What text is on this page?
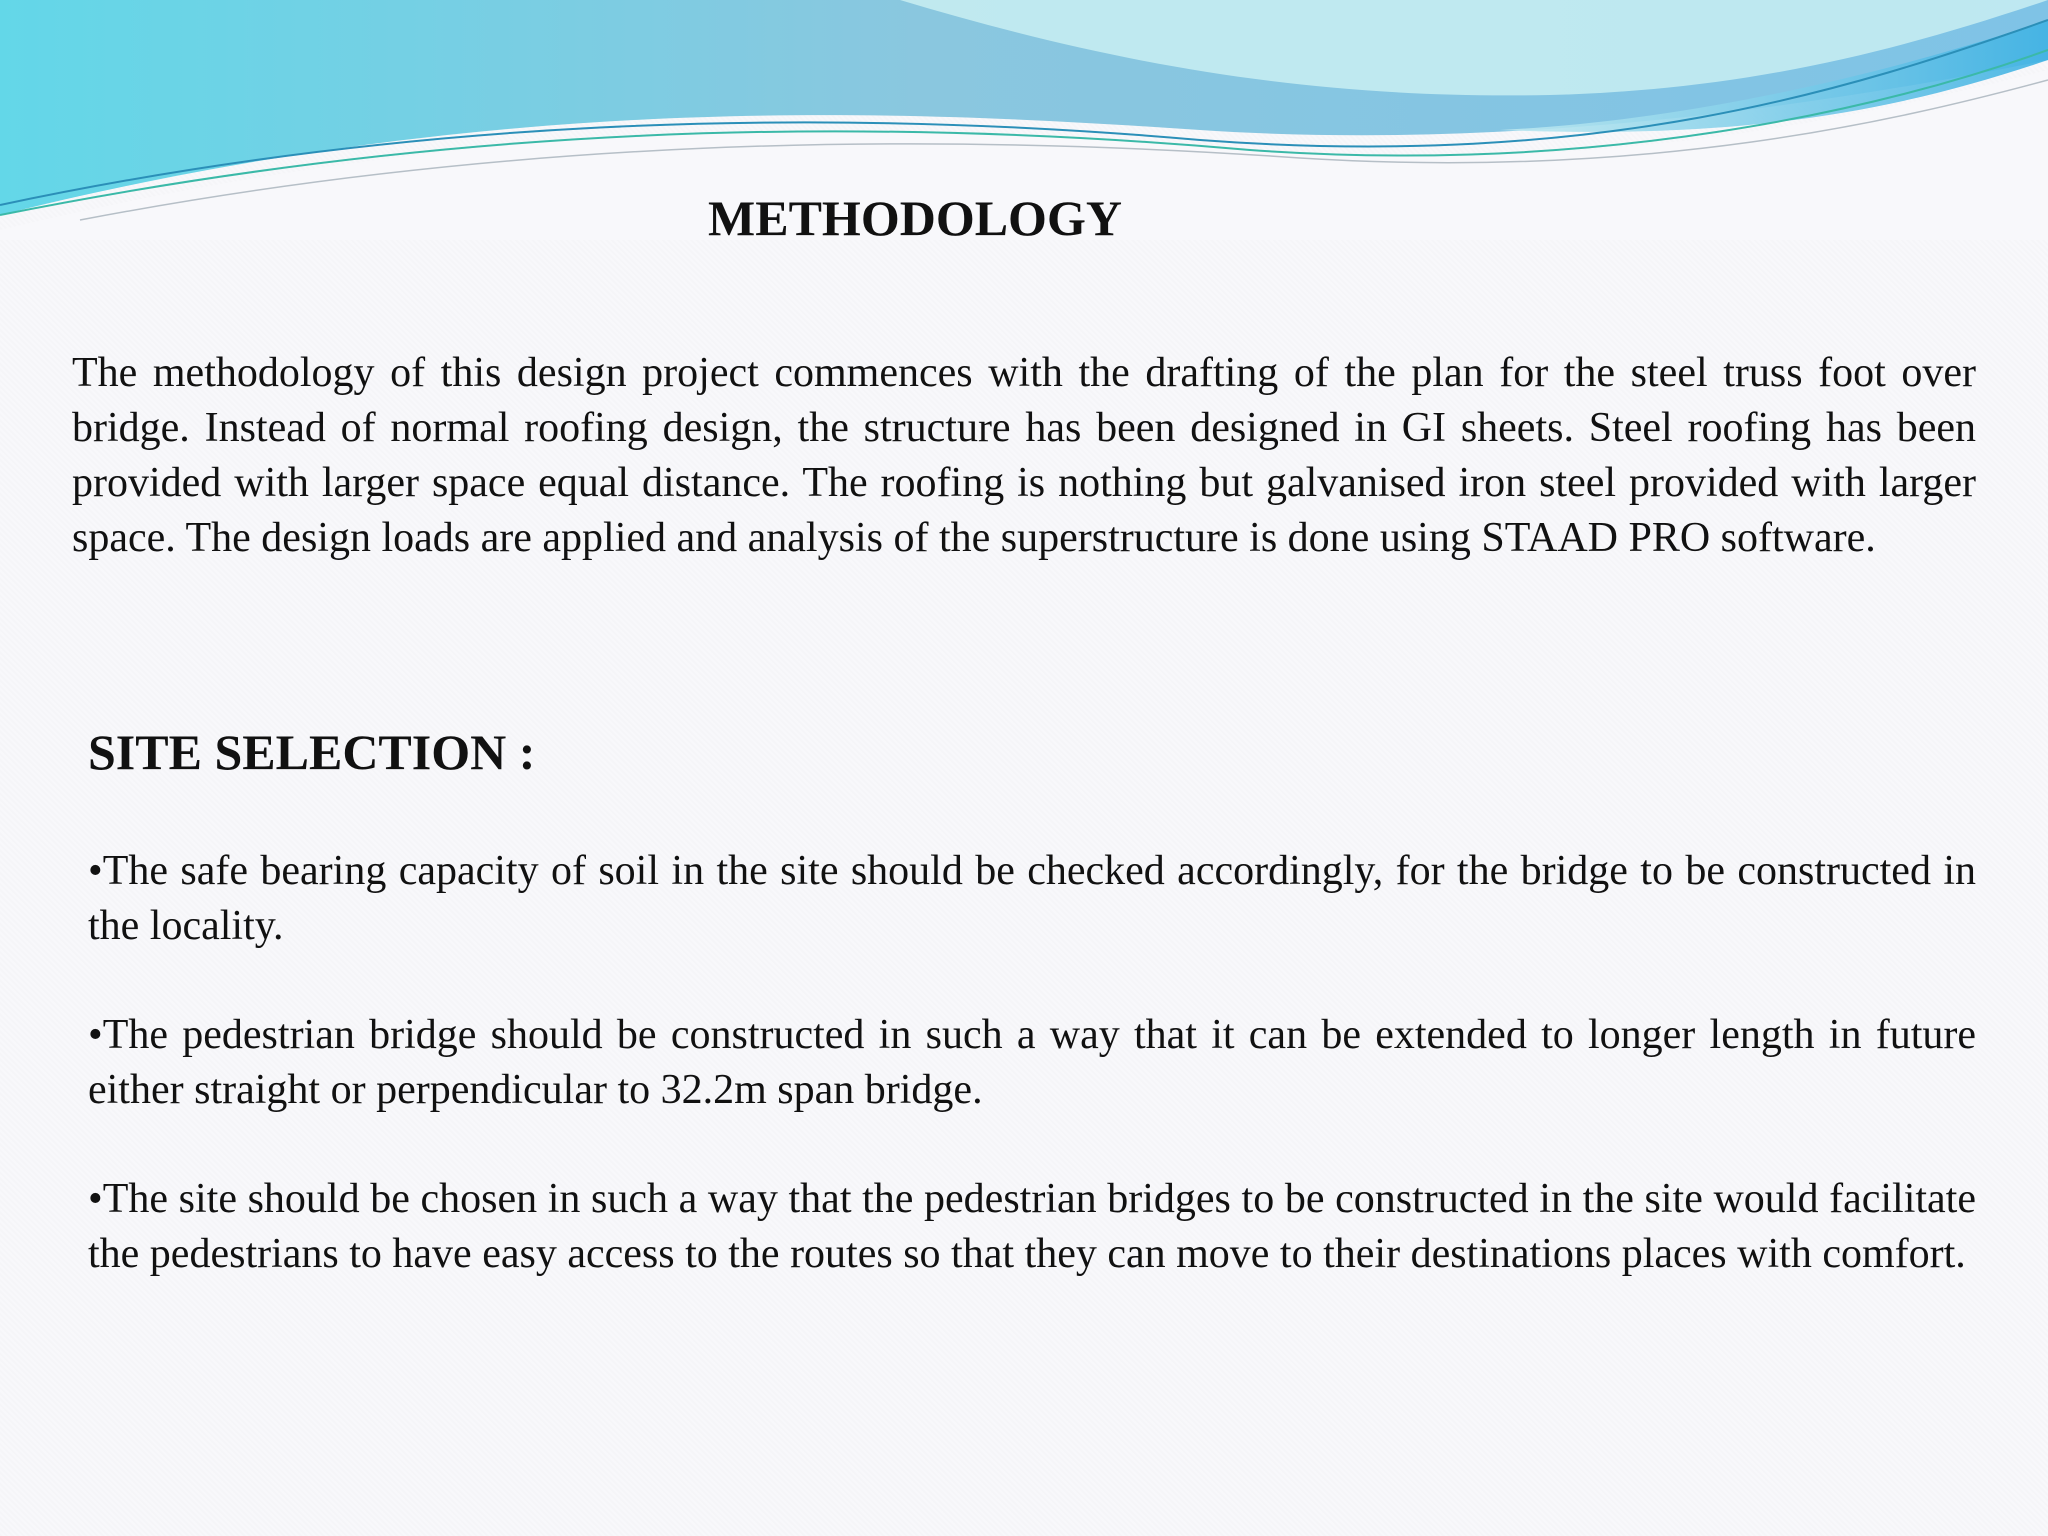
METHODOLOGY

The methodology of this design project commences with the drafting of the plan for the steel truss foot over bridge. Instead of normal roofing design, the structure has been designed in GI sheets. Steel roofing has been provided with larger space equal distance. The roofing is nothing but galvanised iron steel provided with larger space. The design loads are applied and analysis of the superstructure is done using STAAD PRO software.

SITE SELECTION :
•The safe bearing capacity of soil in the site should be checked accordingly, for the bridge to be constructed in the locality.
•The pedestrian bridge should be constructed in such a way that it can be extended to longer length in future either straight or perpendicular to 32.2m span bridge.
•The site should be chosen in such a way that the pedestrian bridges to be constructed in the site would facilitate the pedestrians to have easy access to the routes so that they can move to their destinations places with comfort.
